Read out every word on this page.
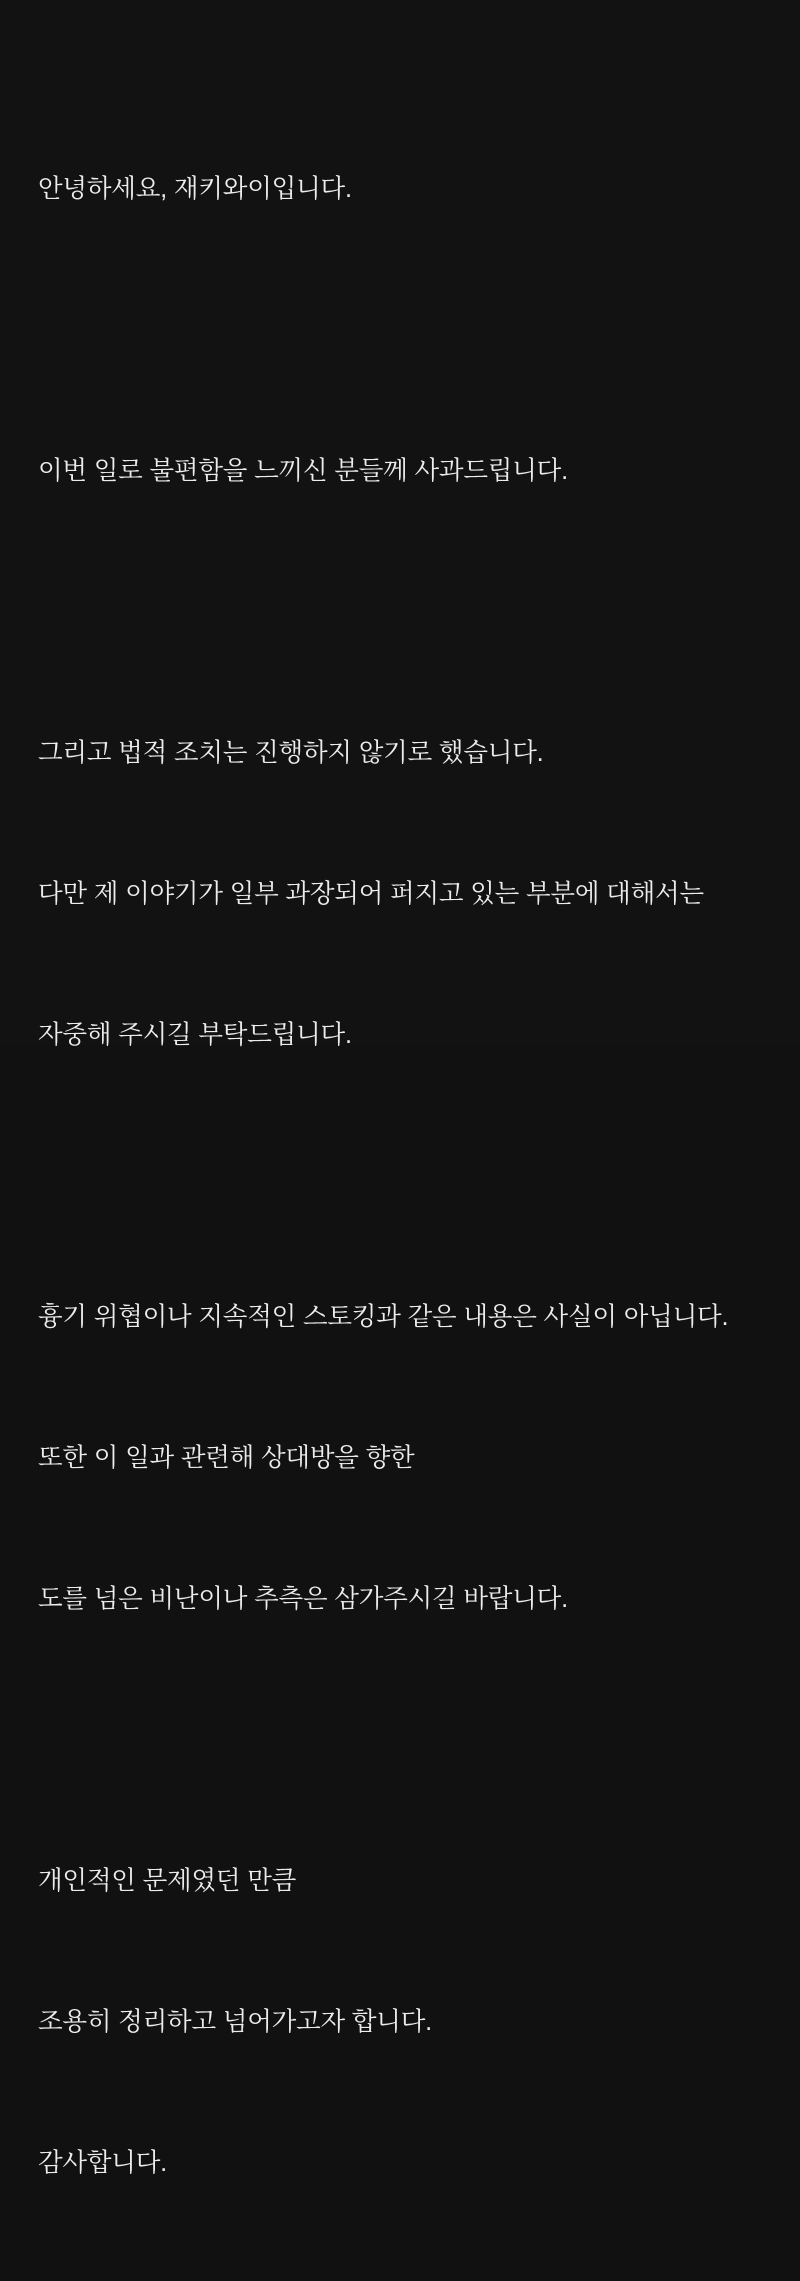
안녕하세요, 재키와이입니다.

이번 일로 불편함을 느끼신 분들께 사과드립니다.

그리고 법적 조치는 진행하지 않기로 했습니다.

다만 제 이야기가 일부 과장되어 퍼지고 있는 부분에 대해서는

자중해 주시길 부탁드립니다.

흉기 위협이나 지속적인 스토킹과 같은 내용은 사실이 아닙니다.

또한 이 일과 관련해 상대방을 향한

도를 넘은 비난이나 추측은 삼가주시길 바랍니다.

개인적인 문제였던 만큼

조용히 정리하고 넘어가고자 합니다.

감사합니다.
